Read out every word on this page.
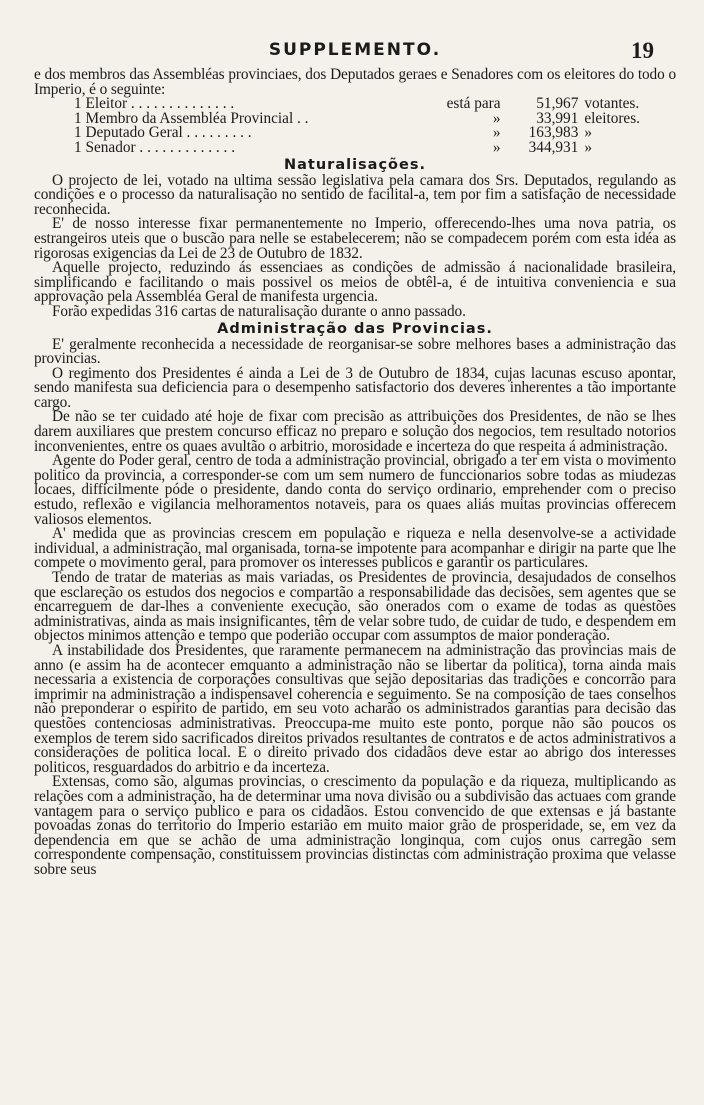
SUPPLEMENTO.	19

e dos membros das Assembléas provinciaes, dos Deputados geraes e Senadores com os eleitores do todo o Imperio, é o seguinte:

1 Eleitor . . . . . . . . . . . . . .	está para	51,967	votantes.
1 Membro da Assembléa Provincial . .	»	33,991	eleitores.
1 Deputado Geral . . . . . . . . .	»	163,983	»
1 Senador . . . . . . . . . . . . .	»	344,931	»
Naturalisações.

O projecto de lei, votado na ultima sessão legislativa pela camara dos Srs. Deputados, regulando as condições e o processo da naturalisação no sentido de facilital-a, tem por fim a satisfação de necessidade reconhecida.

E' de nosso interesse fixar permanentemente no Imperio, offerecendo-lhes uma nova patria, os estrangeiros uteis que o buscão para nelle se estabelecerem; não se compadecem porém com esta idéa as rigorosas exigencias da Lei de 23 de Outubro de 1832.

Aquelle projecto, reduzindo ás essenciaes as condições de admissão á nacionalidade brasileira, simplificando e facilitando o mais possivel os meios de obtêl-a, é de intuitiva conveniencia e sua approvação pela Assembléa Geral de manifesta urgencia.

Forão expedidas 316 cartas de naturalisação durante o anno passado.

Administração das Provincias.

E' geralmente reconhecida a necessidade de reorganisar-se sobre melhores bases a administração das provincias.

O regimento dos Presidentes é ainda a Lei de 3 de Outubro de 1834, cujas lacunas escuso apontar, sendo manifesta sua deficiencia para o desempenho satisfactorio dos deveres inherentes a tão importante cargo.

De não se ter cuidado até hoje de fixar com precisão as attribuições dos Presidentes, de não se lhes darem auxiliares que prestem concurso efficaz no preparo e solução dos negocios, tem resultado notorios inconvenientes, entre os quaes avultão o arbitrio, morosidade e incerteza do que respeita á administração.

Agente do Poder geral, centro de toda a administração provincial, obrigado a ter em vista o movimento politico da provincia, a corresponder-se com um sem numero de funccionarios sobre todas as miudezas locaes, difficilmente póde o presidente, dando conta do serviço ordinario, emprehender com o preciso estudo, reflexão e vigilancia melhoramentos notaveis, para os quaes aliás muitas provincias offerecem valiosos elementos.

A' medida que as provincias crescem em população e riqueza e nella desenvolve-se a actividade individual, a administração, mal organisada, torna-se impotente para acompanhar e dirigir na parte que lhe compete o movimento geral, para promover os interesses publicos e garantir os particulares.

Tendo de tratar de materias as mais variadas, os Presidentes de provincia, desajudados de conselhos que esclareção os estudos dos negocios e compartão a responsabilidade das decisões, sem agentes que se encarreguem de dar-lhes a conveniente execução, são onerados com o exame de todas as questões administrativas, ainda as mais insignificantes, têm de velar sobre tudo, de cuidar de tudo, e despendem em objectos minimos attenção e tempo que poderião occupar com assumptos de maior ponderação.

A instabilidade dos Presidentes, que raramente permanecem na administração das provincias mais de anno (e assim ha de acontecer emquanto a administração não se libertar da politica), torna ainda mais necessaria a existencia de corporações consultivas que sejão depositarias das tradições e concorrão para imprimir na administração a indispensavel coherencia e seguimento. Se na composição de taes conselhos não preponderar o espirito de partido, em seu voto acharão os administrados garantias para decisão das questões contenciosas administrativas. Preoccupa-me muito este ponto, porque não são poucos os exemplos de terem sido sacrificados direitos privados resultantes de contratos e de actos administrativos a considerações de politica local. E o direito privado dos cidadãos deve estar ao abrigo dos interesses politicos, resguardados do arbitrio e da incerteza.

Extensas, como são, algumas provincias, o crescimento da população e da riqueza, multiplicando as relações com a administração, ha de determinar uma nova divisão ou a subdivisão das actuaes com grande vantagem para o serviço publico e para os cidadãos. Estou convencido de que extensas e já bastante povoadas zonas do territorio do Imperio estarião em muito maior grão de prosperidade, se, em vez da dependencia em que se achão de uma administração longinqua, com cujos onus carregão sem correspondente compensação, constituissem provincias distinctas com administração proxima que velasse sobre seus
